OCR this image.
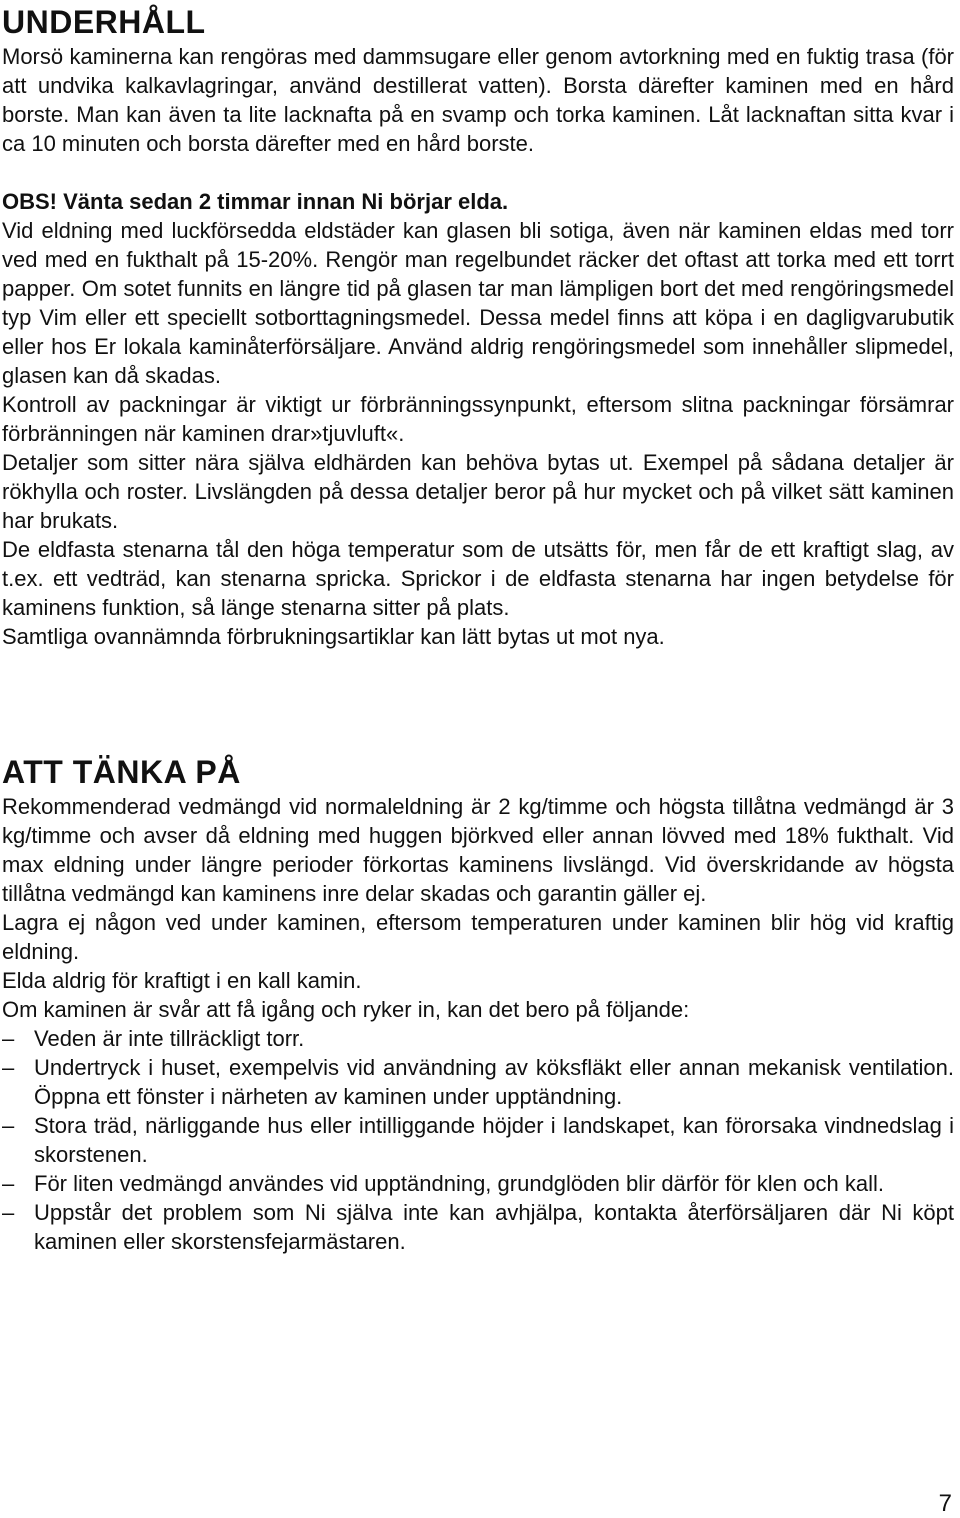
UNDERHÅLL

Morsö kaminerna kan rengöras med dammsugare eller genom avtorkning med en fuktig trasa (för att undvika kalkavlagringar, använd destillerat vatten). Borsta därefter kaminen med en hård borste. Man kan även ta lite lacknafta på en svamp och torka kaminen. Låt lacknaftan sitta kvar i ca 10 minuten och borsta därefter med en hård borste.

OBS! Vänta sedan 2 timmar innan Ni börjar elda.

Vid eldning med luckförsedda eldstäder kan glasen bli sotiga, även när kaminen eldas med torr ved med en fukthalt på 15-20%. Rengör man regelbundet räcker det oftast att torka med ett torrt papper. Om sotet funnits en längre tid på glasen tar man lämpligen bort det med rengöringsmedel typ Vim eller ett speciellt sotborttagningsmedel. Dessa medel finns att köpa i en dagligvarubutik eller hos Er lokala kaminåterförsäljare. Använd aldrig rengöringsmedel som innehåller slipmedel, glasen kan då skadas.

Kontroll av packningar är viktigt ur förbränningssynpunkt, eftersom slitna packningar försämrar förbränningen när kaminen drar»tjuvluft«.

Detaljer som sitter nära själva eldhärden kan behöva bytas ut. Exempel på sådana detaljer är rökhylla och roster. Livslängden på dessa detaljer beror på hur mycket och på vilket sätt kaminen har brukats.

De eldfasta stenarna tål den höga temperatur som de utsätts för, men får de ett kraftigt slag, av t.ex. ett vedträd, kan stenarna spricka. Sprickor i de eldfasta stenarna har ingen betydelse för kaminens funktion, så länge stenarna sitter på plats.

Samtliga ovannämnda förbrukningsartiklar kan lätt bytas ut mot nya.

ATT TÄNKA PÅ

Rekommenderad vedmängd vid normaleldning är 2 kg/timme och högsta tillåtna vedmängd är 3 kg/timme och avser då eldning med huggen björkved eller annan lövved med 18% fukthalt. Vid max eldning under längre perioder förkortas kaminens livslängd. Vid överskridande av högsta tillåtna vedmängd kan kaminens inre delar skadas och garantin gäller ej.

Lagra ej någon ved under kaminen, eftersom temperaturen under kaminen blir hög vid kraftig eldning.

Elda aldrig för kraftigt i en kall kamin.

Om kaminen är svår att få igång och ryker in, kan det bero på följande:

– Veden är inte tillräckligt torr.
– Undertryck i huset, exempelvis vid användning av köksfläkt eller annan mekanisk ventilation. Öppna ett fönster i närheten av kaminen under upptändning.
– Stora träd, närliggande hus eller intilliggande höjder i landskapet, kan förorsaka vindnedslag i skorstenen.
– För liten vedmängd användes vid upptändning, grundglöden blir därför för klen och kall.
– Uppstår det problem som Ni själva inte kan avhjälpa, kontakta återförsäljaren där Ni köpt kaminen eller skorstensfejarmästaren.
7
